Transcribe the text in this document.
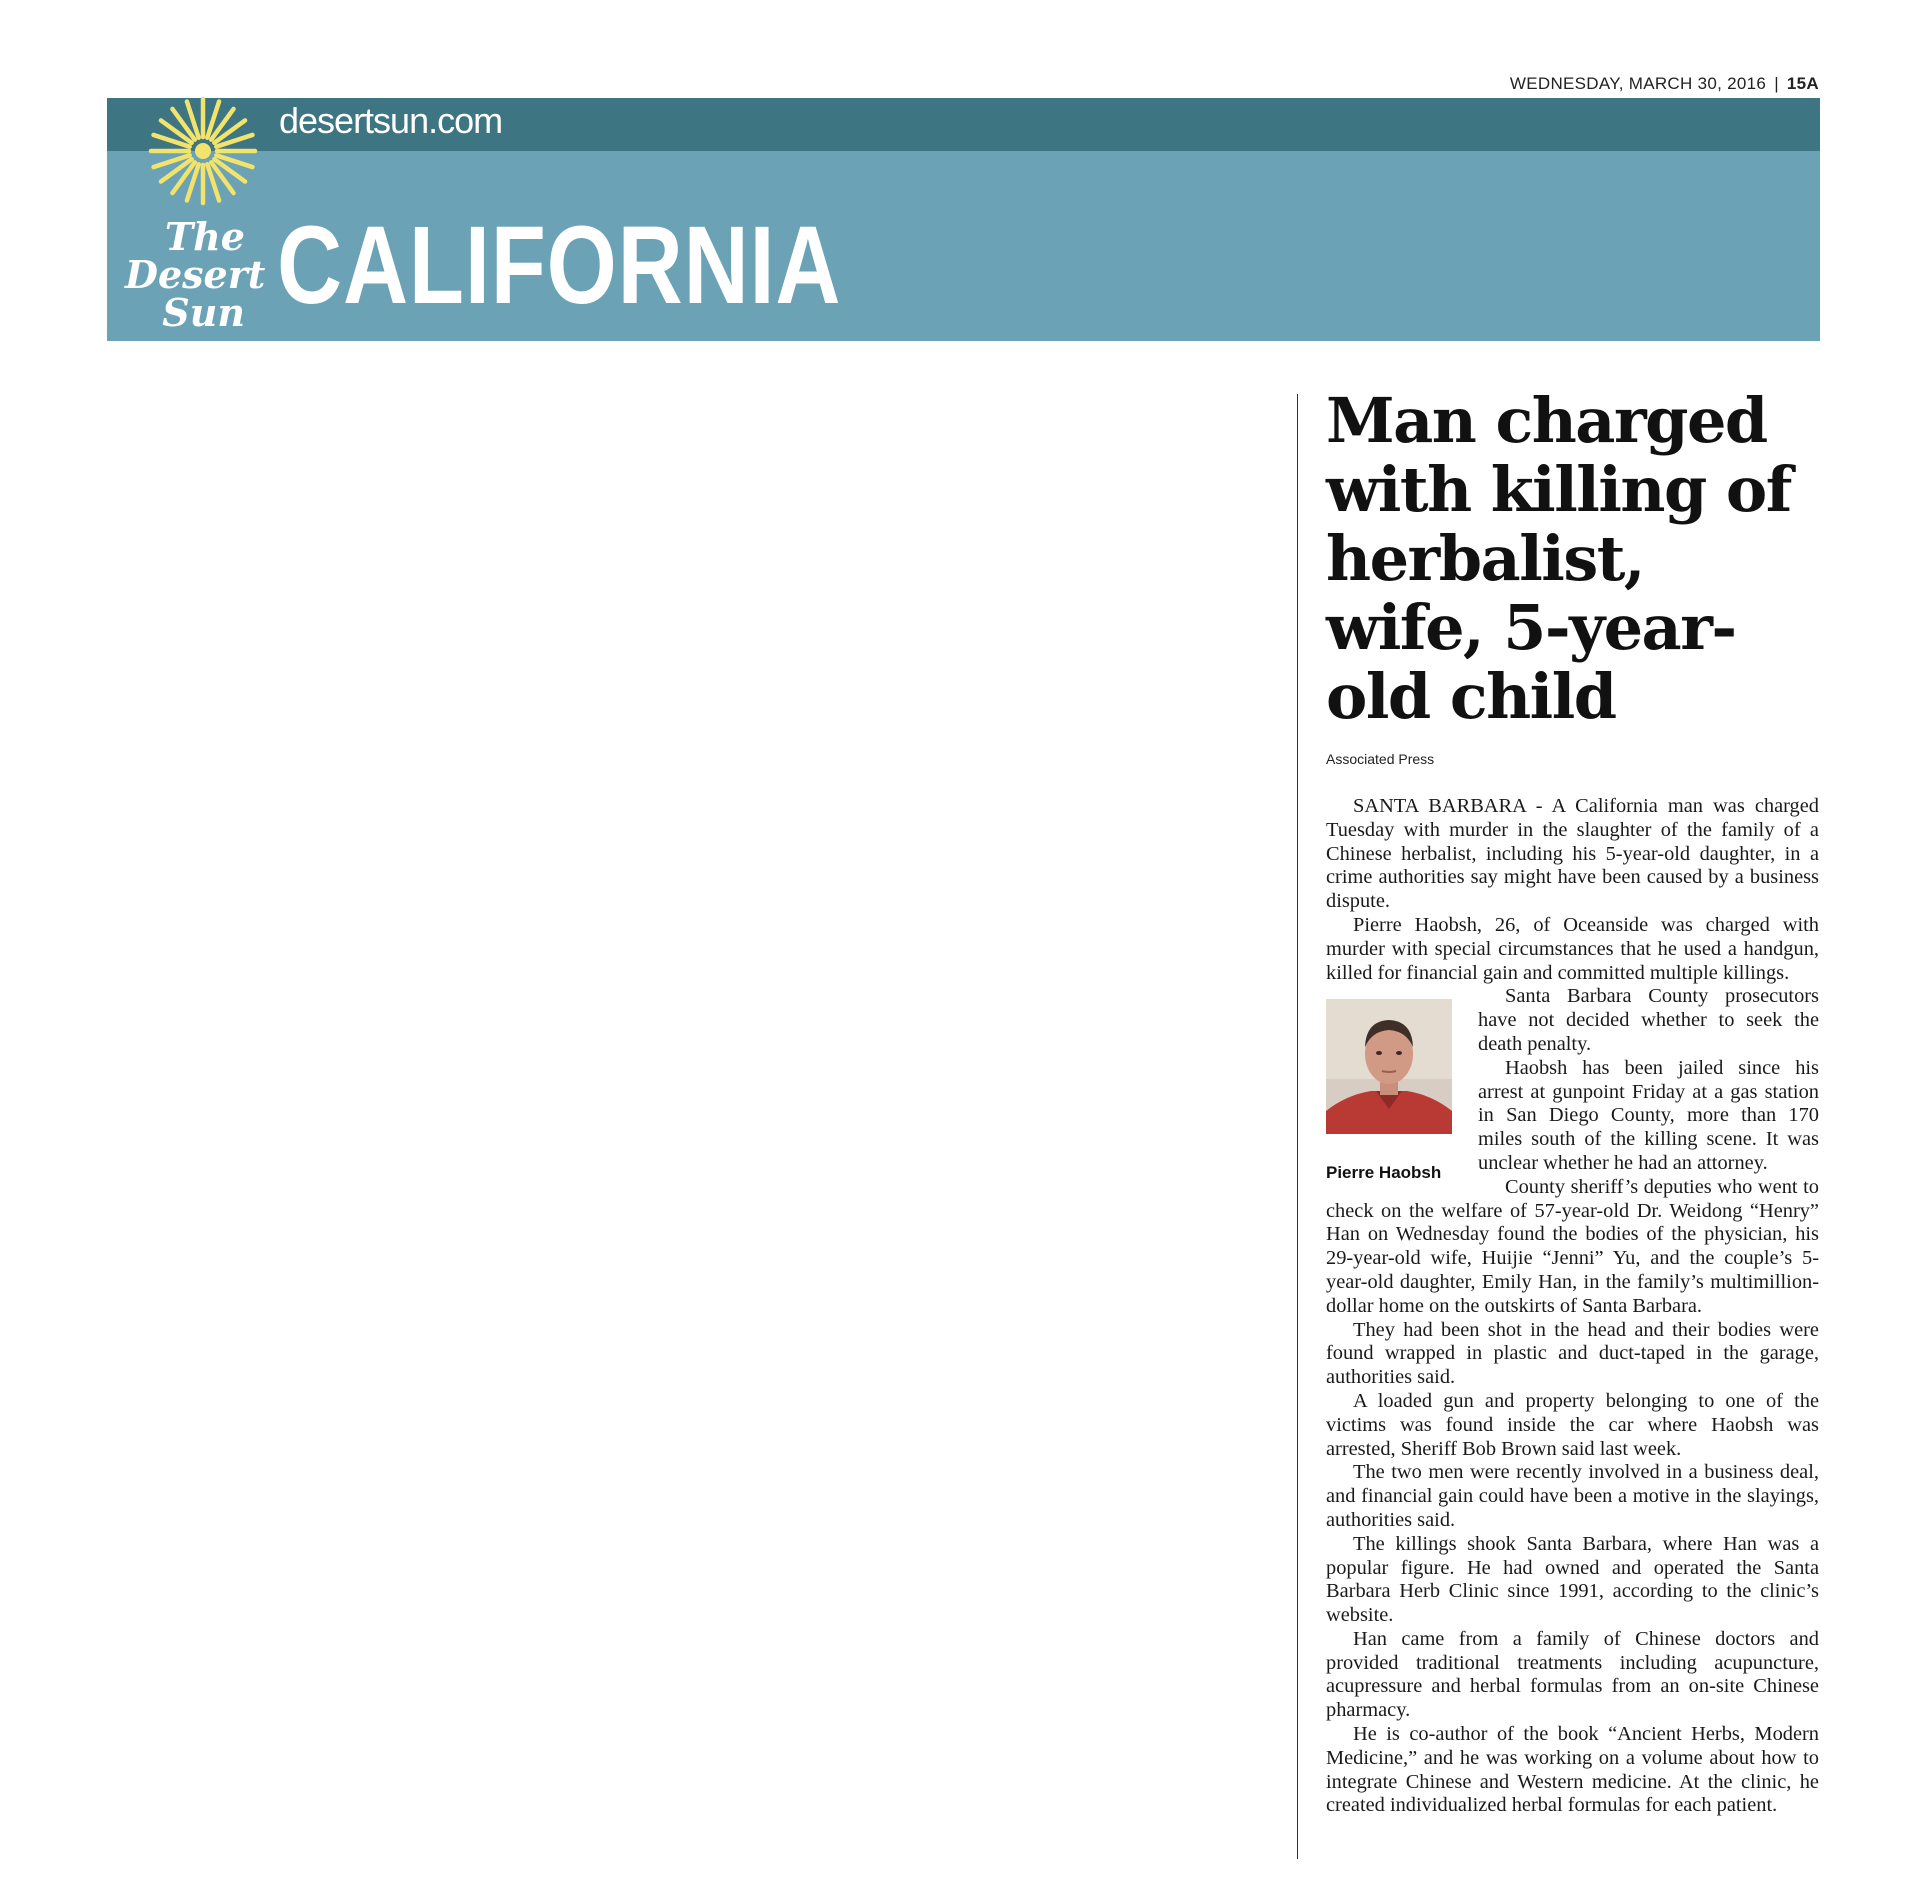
WEDNESDAY, MARCH 30, 2016 | 15A
desertsun.com
The
Desert
Sun CALIFORNIA
Man charged with killing of herbalist, wife, 5-year-old child
Associated Press

SANTA BARBARA - A California man was charged Tuesday with murder in the slaughter of the family of a Chinese herbalist, including his 5-year-old daughter, in a crime authorities say might have been caused by a business dispute.

Pierre Haobsh, 26, of Oceanside was charged with murder with special circumstances that he used a handgun, killed for financial gain and committed multiple killings.

Pierre Haobsh

Santa Barbara County prosecutors have not decided whether to seek the death penalty.

Haobsh has been jailed since his arrest at gunpoint Friday at a gas station in San Diego County, more than 170 miles south of the killing scene. It was unclear whether he had an attorney.

County sheriff’s deputies who went to check on the welfare of 57-year-old Dr. Weidong “Henry” Han on Wednesday found the bodies of the physician, his 29-year-old wife, Huijie “Jenni” Yu, and the couple’s 5-year-old daughter, Emily Han, in the family’s multimillion-dollar home on the outskirts of Santa Barbara.

They had been shot in the head and their bodies were found wrapped in plastic and duct-taped in the garage, authorities said.

A loaded gun and property belonging to one of the victims was found inside the car where Haobsh was arrested, Sheriff Bob Brown said last week.

The two men were recently involved in a business deal, and financial gain could have been a motive in the slayings, authorities said.

The killings shook Santa Barbara, where Han was a popular figure. He had owned and operated the Santa Barbara Herb Clinic since 1991, according to the clinic’s website.

Han came from a family of Chinese doctors and provided traditional treatments including acupuncture, acupressure and herbal formulas from an on-site Chinese pharmacy.

He is co-author of the book “Ancient Herbs, Modern Medicine,” and he was working on a volume about how to integrate Chinese and Western medicine. At the clinic, he created individualized herbal formulas for each patient.
